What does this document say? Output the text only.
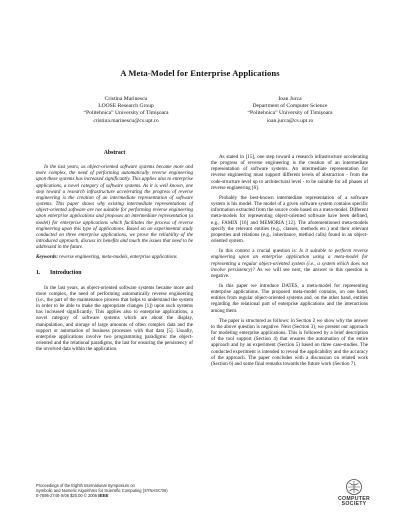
A Meta-Model for Enterprise Applications
Cristina Marinescu
LOOSE Research Group
“Politehnica” University of Timişoara
cristina.marinescu@cs.upt.ro
Ioan Jurca
Department of Computer Science
“Politehnica” University of Timişoara
ioan.jurca@cs.upt.ro
Abstract

In the last years, as object-oriented software systems became more and more complex, the need of performing automatically reverse engineering upon these systems has increased significantly. This applies also to enterprise applications, a novel category of software systems. As it is well known, one step toward a research infrastructure accelerating the progress of reverse engineering is the creation of an intermediate representation of software systems. This paper shows why existing intermediate representations of object-oriented software are not suitable for performing reverse engineering upon enterprise applications and proposes an intermediate representation (a model) for enterprise applications which facilitates the process of reverse engineering upon this type of applications. Based on an experimental study conducted on three enterprise applications, we prove the reliability of the introduced approach, discuss its benefits and touch the issues that need to be addressed in the future.

Keywords: reverse engineering, meta-models, enterprise applications

1. Introduction

In the last years, as object-oriented software systems became more and more complex, the need of performing automatically reverse engineering (i.e., the part of the maintenance process that helps to understand the system in order to be able to make the appropriate changes [1]) upon such systems has increased significantly. This applies also to enterprise applications, a novel category of software systems which are about the display, manipulation, and storage of large amounts of often complex data and the support or automation of business processes with that data [5]. Usually, enterprise applications involve two programming paradigms: the object-oriented and the relational paradigms, the last for ensuring the persistency of the involved data within the application.

As stated in [15], one step toward a research infrastructure accelerating the progress of reverse engineering is the creation of an intermediate representation of software systems. An intermediate representation for reverse engineering must support different levels of abstraction - from the code-structure level up to architectural level - to be suitable for all phases of reverse engineering [6].

Probably the best-known intermediate representation of a software system is his model. The model of a given software system contains specific information extracted from the source code based on a meta-model. Different meta-models for representing object-oriented software have been defined, e.g., FAMIX [16] and MEMORIA [12]. The aforementioned meta-models specify the relevant entities (e.g., classes, methods etc.) and their relevant properties and relations (e.g., inheritance, method calls) found in an object-oriented system.

In this context a crucial question is: Is it suitable to perform reverse engineering upon an enterprise application using a meta-model for representing a regular object-oriented system (i.e., a system which does not involve persistency)? As we will see next, the answer to this question is negative.

In this paper we introduce DATES, a meta-model for representing enterprise applications. The proposed meta-model contains, on one hand, entities from regular object-oriented systems and, on the other hand, entities regarding the relational part of enterprise applications and the interactions among them.

The paper is structured as follows: in Section 2 we show why the answer to the above question is negative. Next (Section 3), we present our approach for modeling enterprise applications. This is followed by a brief description of the tool support (Section 4) that ensures the automation of the entire approach and by an experiment (Section 5) based on three case-studies. The conducted experiment is intended to reveal the applicability and the accuracy of the approach. The paper concludes with a discussion on related work (Section 6) and some final remarks towards the future work (Section 7).

Proceedings of the Eighth International Symposium on
Symbolic and Numeric Algorithms for Scientific Computing (SYNASC'06)
0-7695-2740-X/06 $20.00 © 2006 IEEE
COMPUTER
SOCIETY
